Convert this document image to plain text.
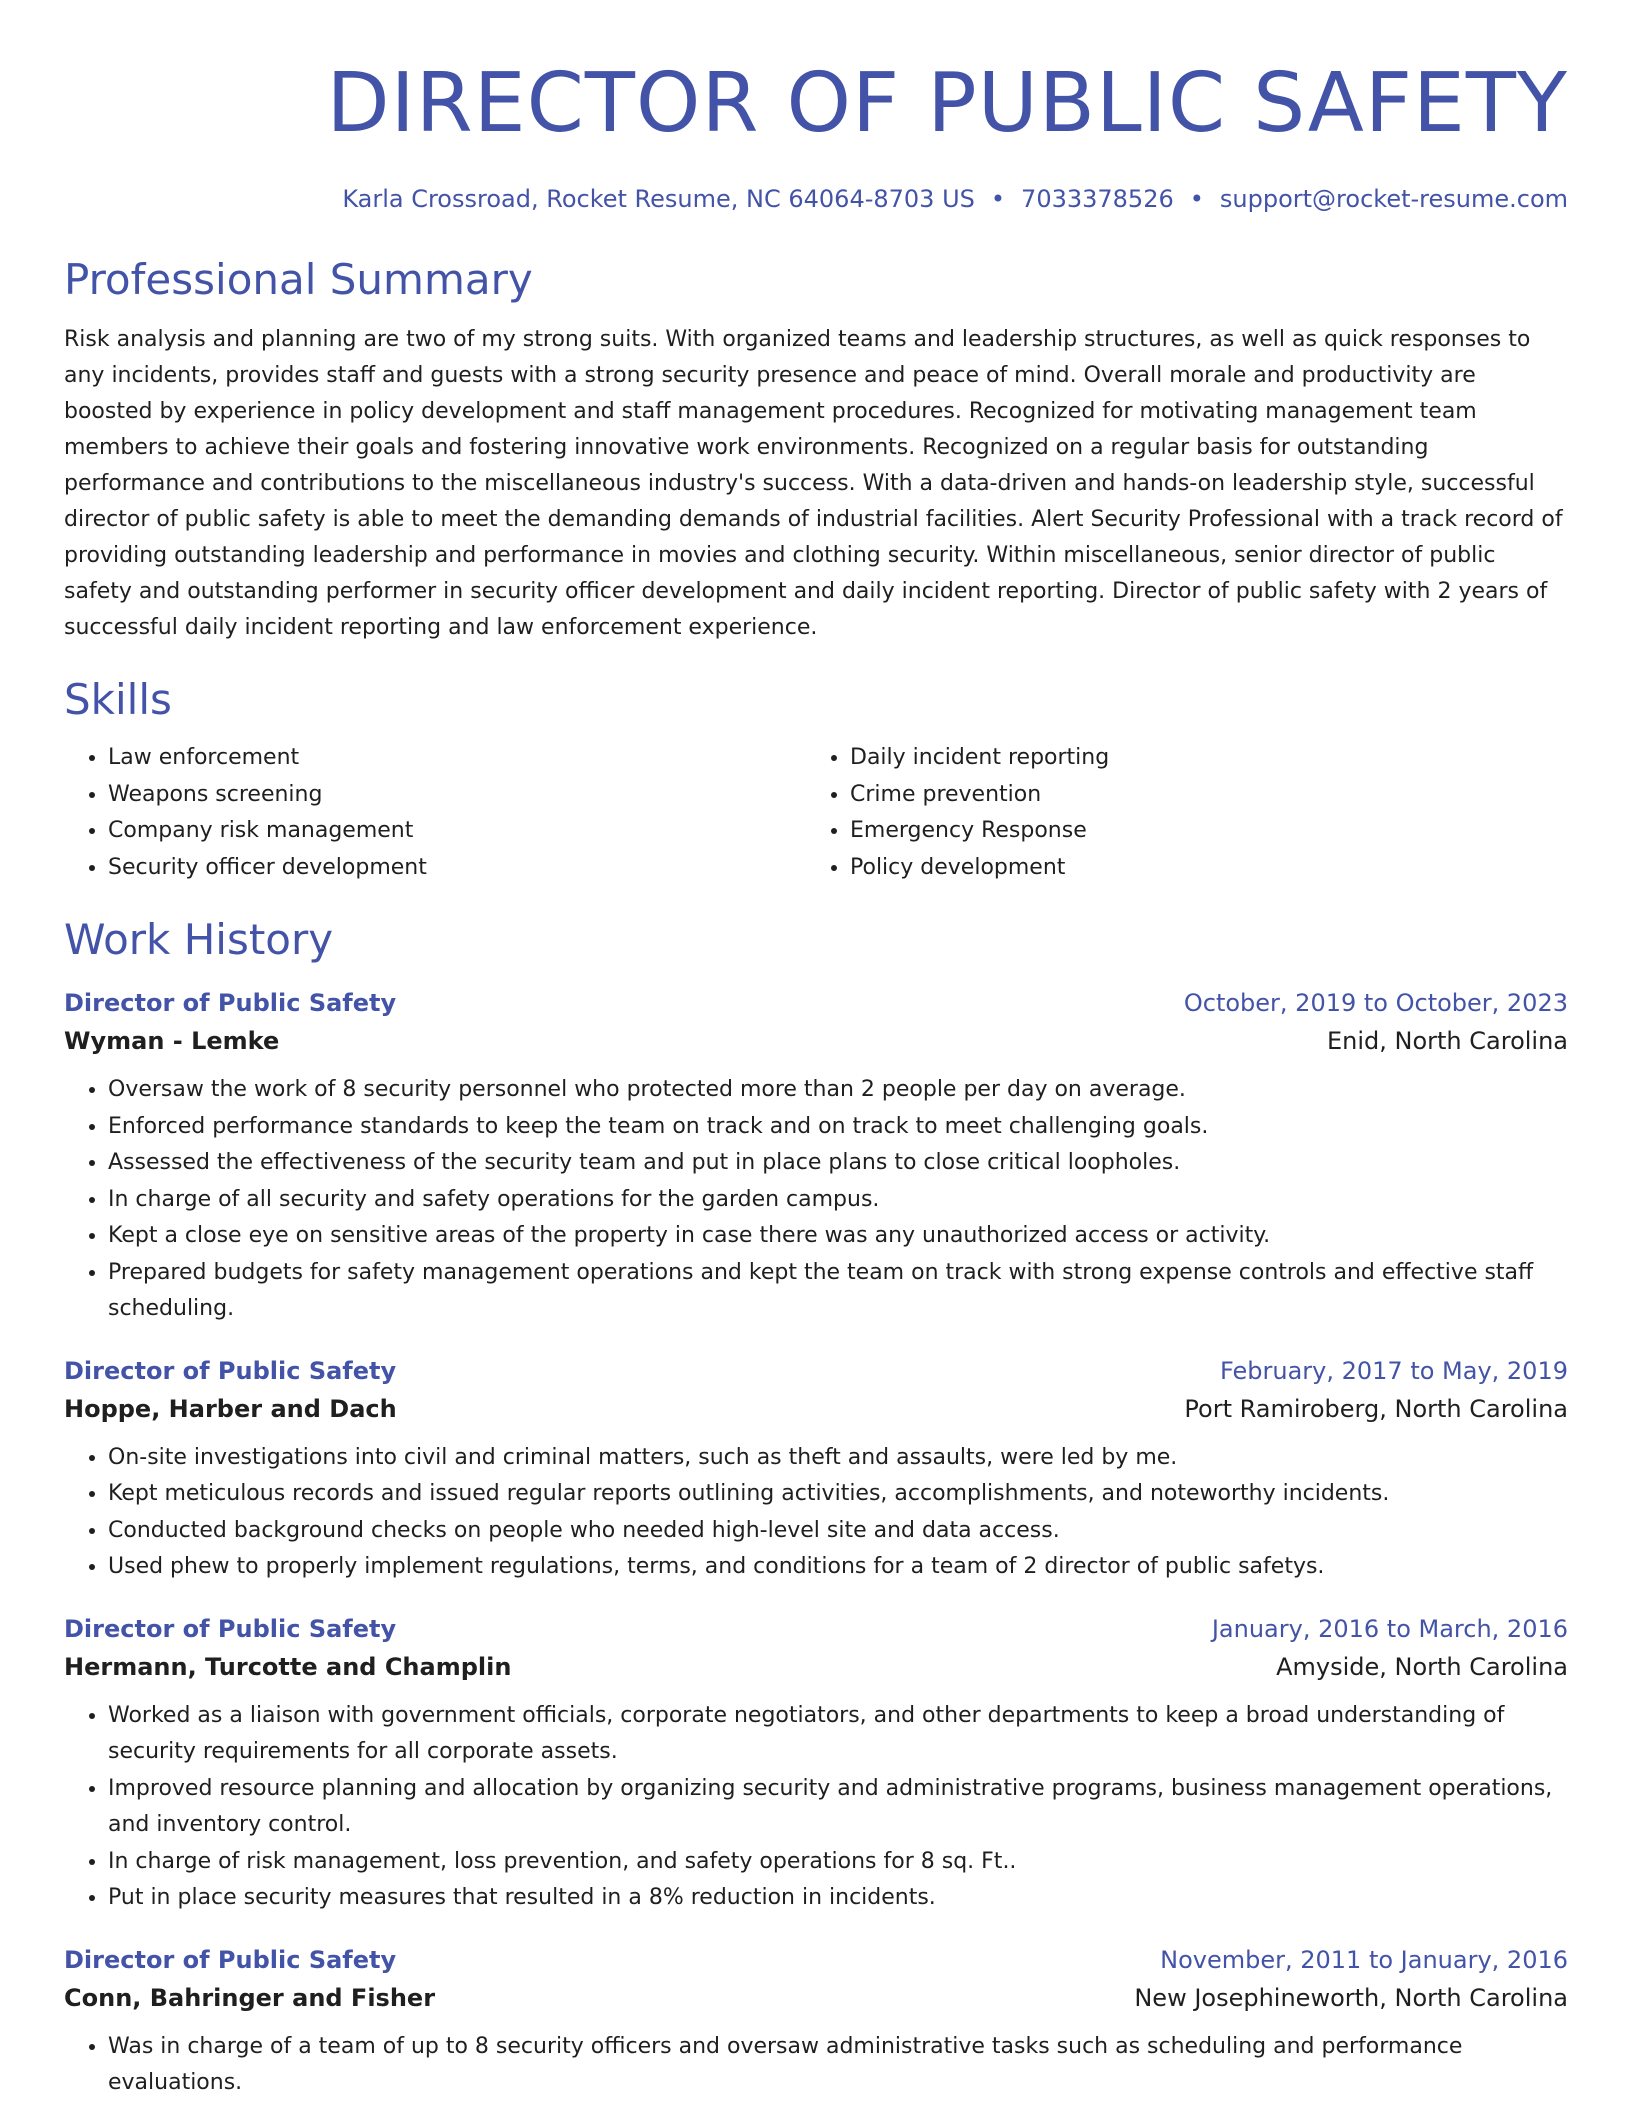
DIRECTOR OF PUBLIC SAFETY
Karla Crossroad, Rocket Resume, NC 64064-8703 US • 7033378526 • support@rocket-resume.com
Professional Summary
Risk analysis and planning are two of my strong suits. With organized teams and leadership structures, as well as quick responses to any incidents, provides staff and guests with a strong security presence and peace of mind. Overall morale and productivity are boosted by experience in policy development and staff management procedures. Recognized for motivating management team members to achieve their goals and fostering innovative work environments. Recognized on a regular basis for outstanding performance and contributions to the miscellaneous industry's success. With a data-driven and hands-on leadership style, successful director of public safety is able to meet the demanding demands of industrial facilities. Alert Security Professional with a track record of providing outstanding leadership and performance in movies and clothing security. Within miscellaneous, senior director of public safety and outstanding performer in security officer development and daily incident reporting. Director of public safety with 2 years of successful daily incident reporting and law enforcement experience.
Skills
• Law enforcement
• Weapons screening
• Company risk management
• Security officer development
• Daily incident reporting
• Crime prevention
• Emergency Response
• Policy development
Work History
Director of Public Safety	October, 2019 to October, 2023
Wyman - Lemke	Enid, North Carolina
• Oversaw the work of 8 security personnel who protected more than 2 people per day on average.
• Enforced performance standards to keep the team on track and on track to meet challenging goals.
• Assessed the effectiveness of the security team and put in place plans to close critical loopholes.
• In charge of all security and safety operations for the garden campus.
• Kept a close eye on sensitive areas of the property in case there was any unauthorized access or activity.
• Prepared budgets for safety management operations and kept the team on track with strong expense controls and effective staff scheduling.
Director of Public Safety	February, 2017 to May, 2019
Hoppe, Harber and Dach	Port Ramiroberg, North Carolina
• On-site investigations into civil and criminal matters, such as theft and assaults, were led by me.
• Kept meticulous records and issued regular reports outlining activities, accomplishments, and noteworthy incidents.
• Conducted background checks on people who needed high-level site and data access.
• Used phew to properly implement regulations, terms, and conditions for a team of 2 director of public safetys.
Director of Public Safety	January, 2016 to March, 2016
Hermann, Turcotte and Champlin	Amyside, North Carolina
• Worked as a liaison with government officials, corporate negotiators, and other departments to keep a broad understanding of security requirements for all corporate assets.
• Improved resource planning and allocation by organizing security and administrative programs, business management operations, and inventory control.
• In charge of risk management, loss prevention, and safety operations for 8 sq. Ft..
• Put in place security measures that resulted in a 8% reduction in incidents.
Director of Public Safety	November, 2011 to January, 2016
Conn, Bahringer and Fisher	New Josephineworth, North Carolina
• Was in charge of a team of up to 8 security officers and oversaw administrative tasks such as scheduling and performance evaluations.
